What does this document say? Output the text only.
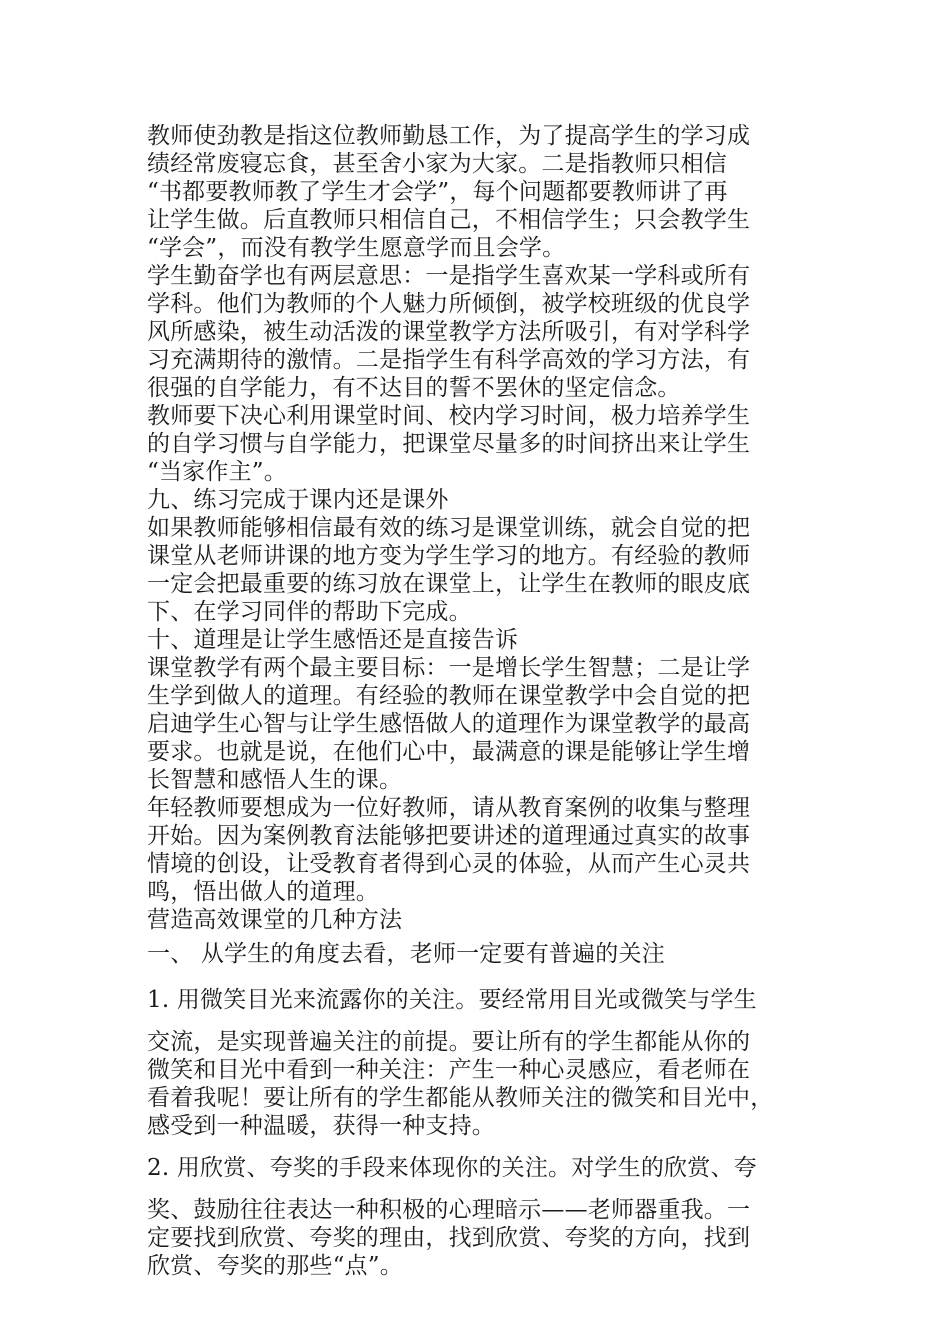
教师使劲教是指这位教师勤恳工作，为了提高学生的学习成
绩经常废寝忘食，甚至舍小家为大家。二是指教师只相信
“书都要教师教了学生才会学”，每个问题都要教师讲了再
让学生做。后直教师只相信自己，不相信学生；只会教学生
“学会”，而没有教学生愿意学而且会学。

学生勤奋学也有两层意思：一是指学生喜欢某一学科或所有
学科。他们为教师的个人魅力所倾倒，被学校班级的优良学
风所感染，被生动活泼的课堂教学方法所吸引，有对学科学
习充满期待的激情。二是指学生有科学高效的学习方法，有
很强的自学能力，有不达目的誓不罢休的坚定信念。

教师要下决心利用课堂时间、校内学习时间，极力培养学生
的自学习惯与自学能力，把课堂尽量多的时间挤出来让学生
“当家作主”。

九、练习完成于课内还是课外

如果教师能够相信最有效的练习是课堂训练，就会自觉的把
课堂从老师讲课的地方变为学生学习的地方。有经验的教师
一定会把最重要的练习放在课堂上，让学生在教师的眼皮底
下、在学习同伴的帮助下完成。

十、道理是让学生感悟还是直接告诉

课堂教学有两个最主要目标：一是增长学生智慧；二是让学
生学到做人的道理。有经验的教师在课堂教学中会自觉的把
启迪学生心智与让学生感悟做人的道理作为课堂教学的最高
要求。也就是说，在他们心中，最满意的课是能够让学生增
长智慧和感悟人生的课。

年轻教师要想成为一位好教师，请从教育案例的收集与整理
开始。因为案例教育法能够把要讲述的道理通过真实的故事
情境的创设，让受教育者得到心灵的体验，从而产生心灵共
鸣，悟出做人的道理。

营造高效课堂的几种方法

一、 从学生的角度去看，老师一定要有普遍的关注

1. 用微笑目光来流露你的关注。要经常用目光或微笑与学生

交流，是实现普遍关注的前提。要让所有的学生都能从你的
微笑和目光中看到一种关注：产生一种心灵感应，看老师在
看着我呢！要让所有的学生都能从教师关注的微笑和目光中，
感受到一种温暖，获得一种支持。

2. 用欣赏、夸奖的手段来体现你的关注。对学生的欣赏、夸

奖、鼓励往往表达一种积极的心理暗示——老师器重我。一
定要找到欣赏、夸奖的理由，找到欣赏、夸奖的方向，找到
欣赏、夸奖的那些“点”。
